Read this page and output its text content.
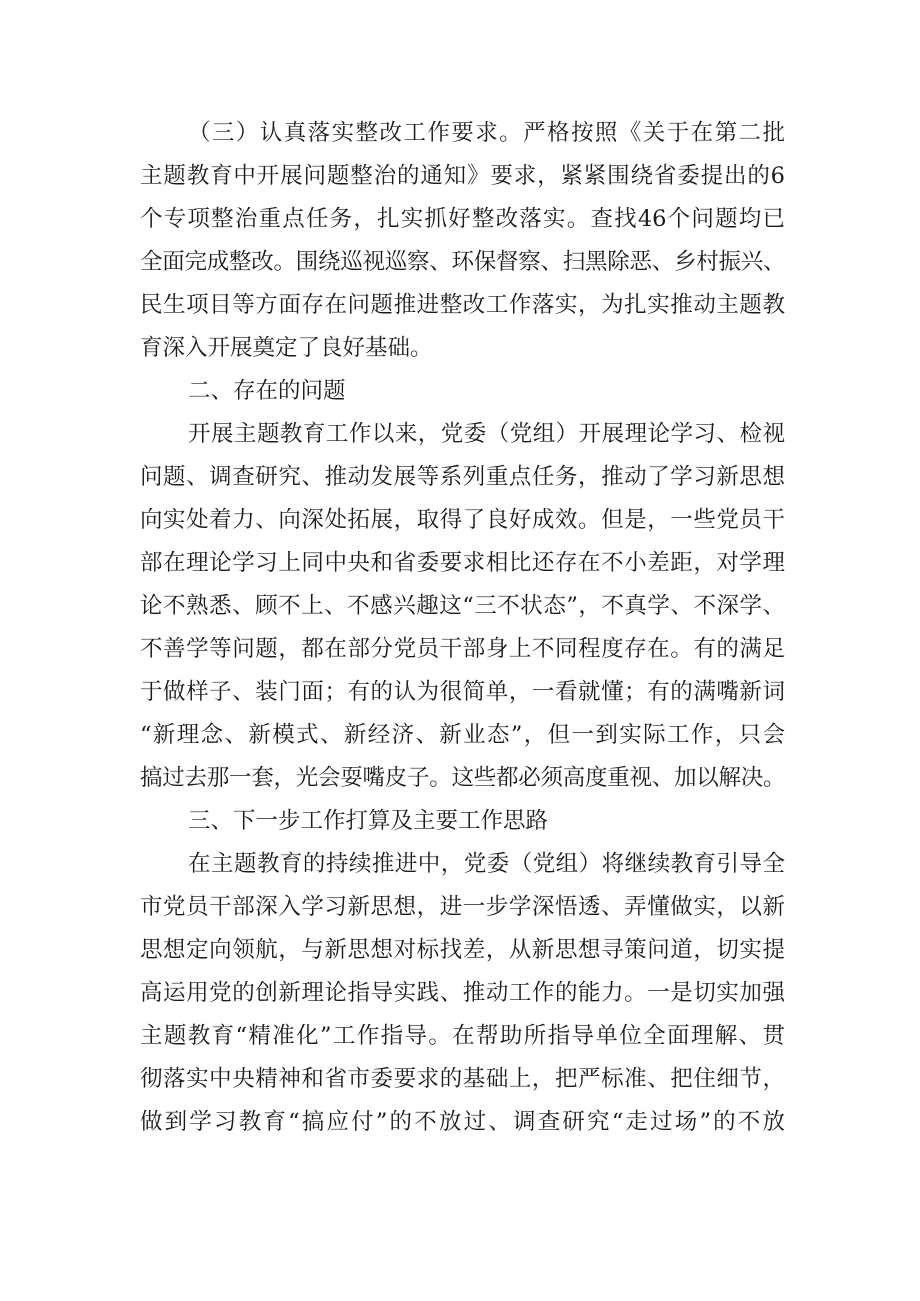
（三）认真落实整改工作要求。严格按照《关于在第二批
主题教育中开展问题整治的通知》要求，紧紧围绕省委提出的6
个专项整治重点任务，扎实抓好整改落实。查找46个问题均已
全面完成整改。围绕巡视巡察、环保督察、扫黑除恶、乡村振兴、
民生项目等方面存在问题推进整改工作落实，为扎实推动主题教
育深入开展奠定了良好基础。
二、存在的问题
开展主题教育工作以来，党委（党组）开展理论学习、检视
问题、调查研究、推动发展等系列重点任务，推动了学习新思想
向实处着力、向深处拓展，取得了良好成效。但是，一些党员干
部在理论学习上同中央和省委要求相比还存在不小差距，对学理
论不熟悉、顾不上、不感兴趣这“三不状态”，不真学、不深学、
不善学等问题，都在部分党员干部身上不同程度存在。有的满足
于做样子、装门面；有的认为很简单，一看就懂；有的满嘴新词
“新理念、新模式、新经济、新业态”，但一到实际工作，只会
搞过去那一套，光会耍嘴皮子。这些都必须高度重视、加以解决。
三、下一步工作打算及主要工作思路
在主题教育的持续推进中，党委（党组）将继续教育引导全
市党员干部深入学习新思想，进一步学深悟透、弄懂做实，以新
思想定向领航，与新思想对标找差，从新思想寻策问道，切实提
高运用党的创新理论指导实践、推动工作的能力。一是切实加强
主题教育“精准化”工作指导。在帮助所指导单位全面理解、贯
彻落实中央精神和省市委要求的基础上，把严标准、把住细节，
做到学习教育“搞应付”的不放过、调查研究“走过场”的不放
